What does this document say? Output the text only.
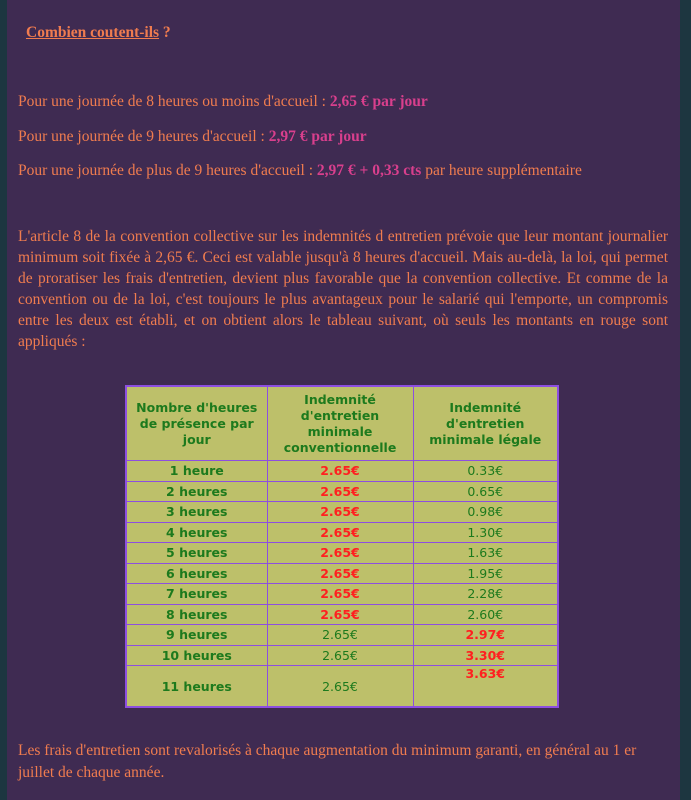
Combien coutent-ils ?

Pour une journée de 8 heures ou moins d'accueil : 2,65 € par jour

Pour une journée de 9 heures d'accueil : 2,97 € par jour

Pour une journée de plus de 9 heures d'accueil : 2,97 € + 0,33 cts par heure supplémentaire

L'article 8 de la convention collective sur les indemnités d entretien prévoie que leur montant journalier minimum soit fixée à 2,65 €. Ceci est valable jusqu'à 8 heures d'accueil. Mais au-delà, la loi, qui permet de proratiser les frais d'entretien, devient plus favorable que la convention collective. Et comme de la convention ou de la loi, c'est toujours le plus avantageux pour le salarié qui l'emporte, un compromis entre les deux est établi, et on obtient alors le tableau suivant, où seuls les montants en rouge sont appliqués :

Nombre d'heures de présence par jour	Indemnité d'entretien minimale conventionnelle	Indemnité d'entretien minimale légale
1 heure	2.65€	0.33€
2 heures	2.65€	0.65€
3 heures	2.65€	0.98€
4 heures	2.65€	1.30€
5 heures	2.65€	1.63€
6 heures	2.65€	1.95€
7 heures	2.65€	2.28€
8 heures	2.65€	2.60€
9 heures	2.65€	2.97€
10 heures	2.65€	3.30€
11 heures	2.65€	3.63€

Les frais d'entretien sont revalorisés à chaque augmentation du minimum garanti, en général au 1 er juillet de chaque année.
